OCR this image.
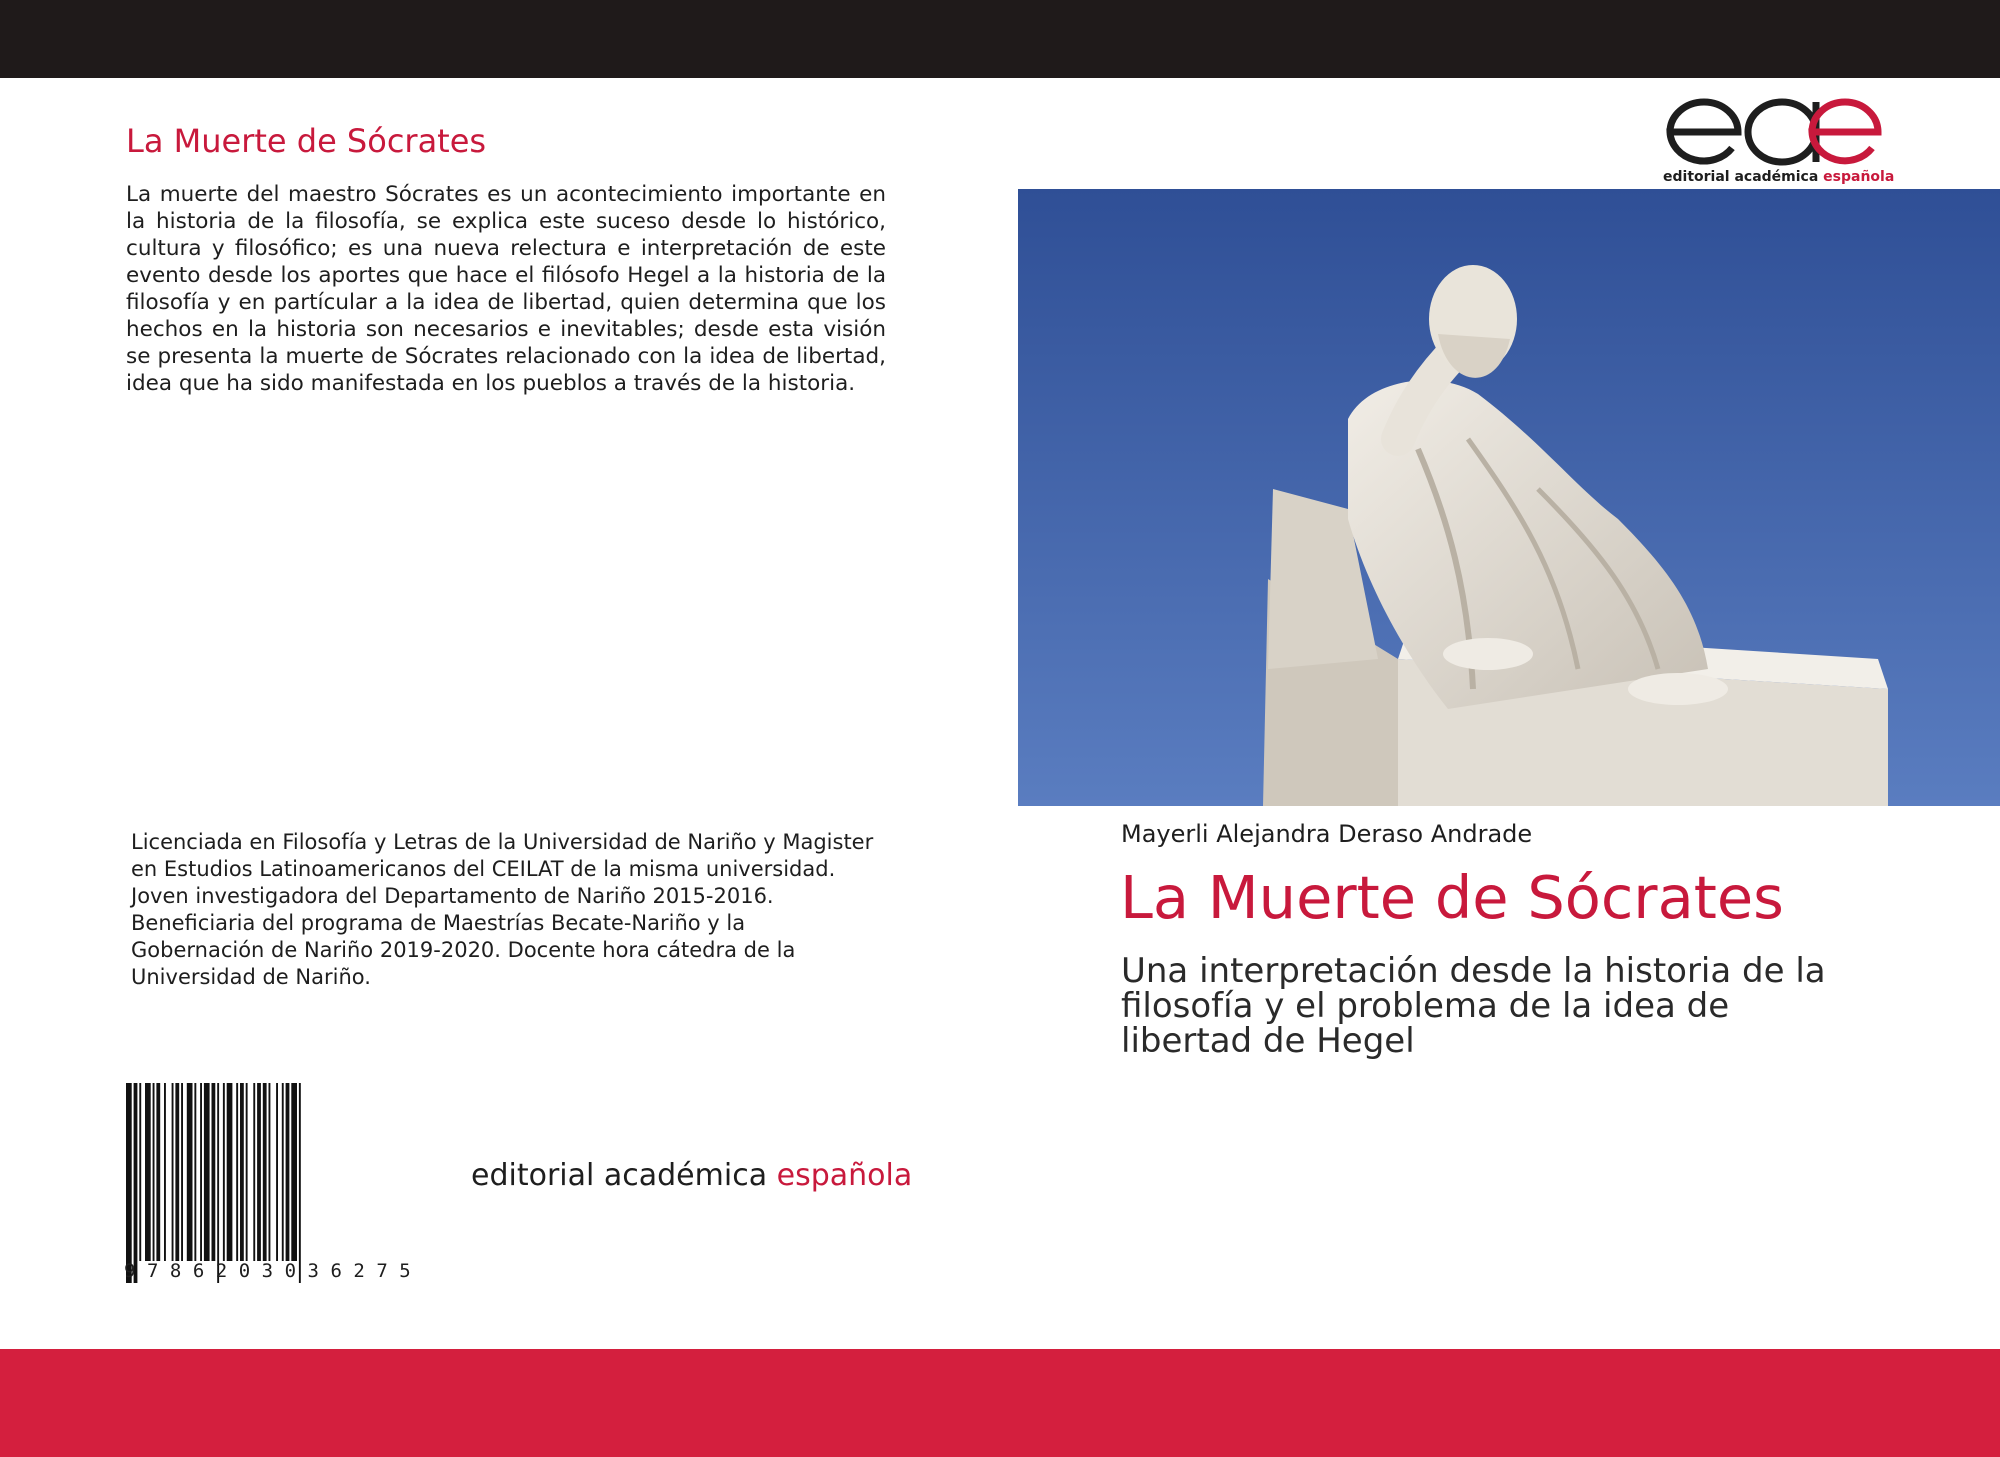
La Muerte de Sócrates

La muerte del maestro Sócrates es un acontecimiento importante en la historia de la filosofía, se explica este suceso desde lo histórico, cultura y filosófico; es una nueva relectura e interpretación de este evento desde los aportes que hace el filósofo Hegel a la historia de la filosofía y en partícular a la idea de libertad, quien determina que los hechos en la historia son necesarios e inevitables; desde esta visión se presenta la muerte de Sócrates relacionado con la idea de libertad, idea que ha sido manifestada en los pueblos a través de la historia.

Licenciada en Filosofía y Letras de la Universidad de Nariño y Magister
en Estudios Latinoamericanos del CEILAT de la misma universidad.
Joven investigadora del Departamento de Nariño 2015-2016.
Beneficiaria del programa de Maestrías Becate-Nariño y la
Gobernación de Nariño 2019-2020. Docente hora cátedra de la
Universidad de Nariño.
9786203036275
editorial académica española
editorial académica española
Mayerli Alejandra Deraso Andrade
La Muerte de Sócrates
Una interpretación desde la historia de la
filosofía y el problema de la idea de
libertad de Hegel
